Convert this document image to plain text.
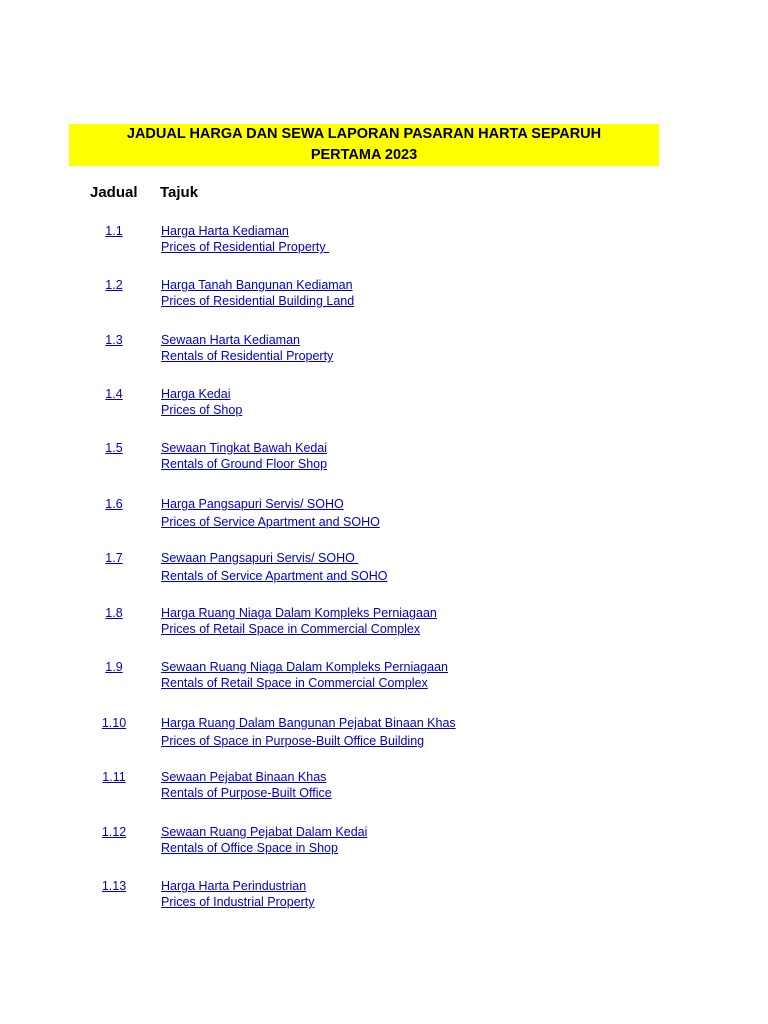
JADUAL HARGA DAN SEWA LAPORAN PASARAN HARTA SEPARUH
PERTAMA 2023
Jadual Tajuk
1.1	Harga Harta Kediaman
Prices of Residential Property
1.2	Harga Tanah Bangunan Kediaman
Prices of Residential Building Land
1.3	Sewaan Harta Kediaman
Rentals of Residential Property
1.4	Harga Kedai
Prices of Shop
1.5	Sewaan Tingkat Bawah Kedai
Rentals of Ground Floor Shop
1.6	Harga Pangsapuri Servis/ SOHO
Prices of Service Apartment and SOHO
1.7	Sewaan Pangsapuri Servis/ SOHO
Rentals of Service Apartment and SOHO
1.8	Harga Ruang Niaga Dalam Kompleks Perniagaan
Prices of Retail Space in Commercial Complex
1.9	Sewaan Ruang Niaga Dalam Kompleks Perniagaan
Rentals of Retail Space in Commercial Complex
1.10	Harga Ruang Dalam Bangunan Pejabat Binaan Khas
Prices of Space in Purpose-Built Office Building
1.11	Sewaan Pejabat Binaan Khas
Rentals of Purpose-Built Office
1.12	Sewaan Ruang Pejabat Dalam Kedai
Rentals of Office Space in Shop
1.13	Harga Harta Perindustrian
Prices of Industrial Property
